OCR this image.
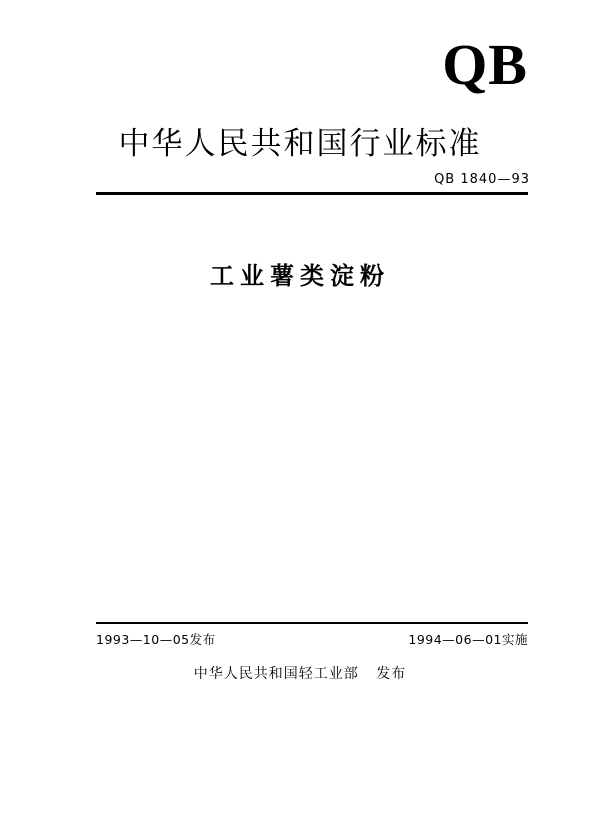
QB
中华人民共和国行业标准
QB 1840—93
工业薯类淀粉
1993—10—05发布	1994—06—01实施
中华人民共和国轻工业部 发布
